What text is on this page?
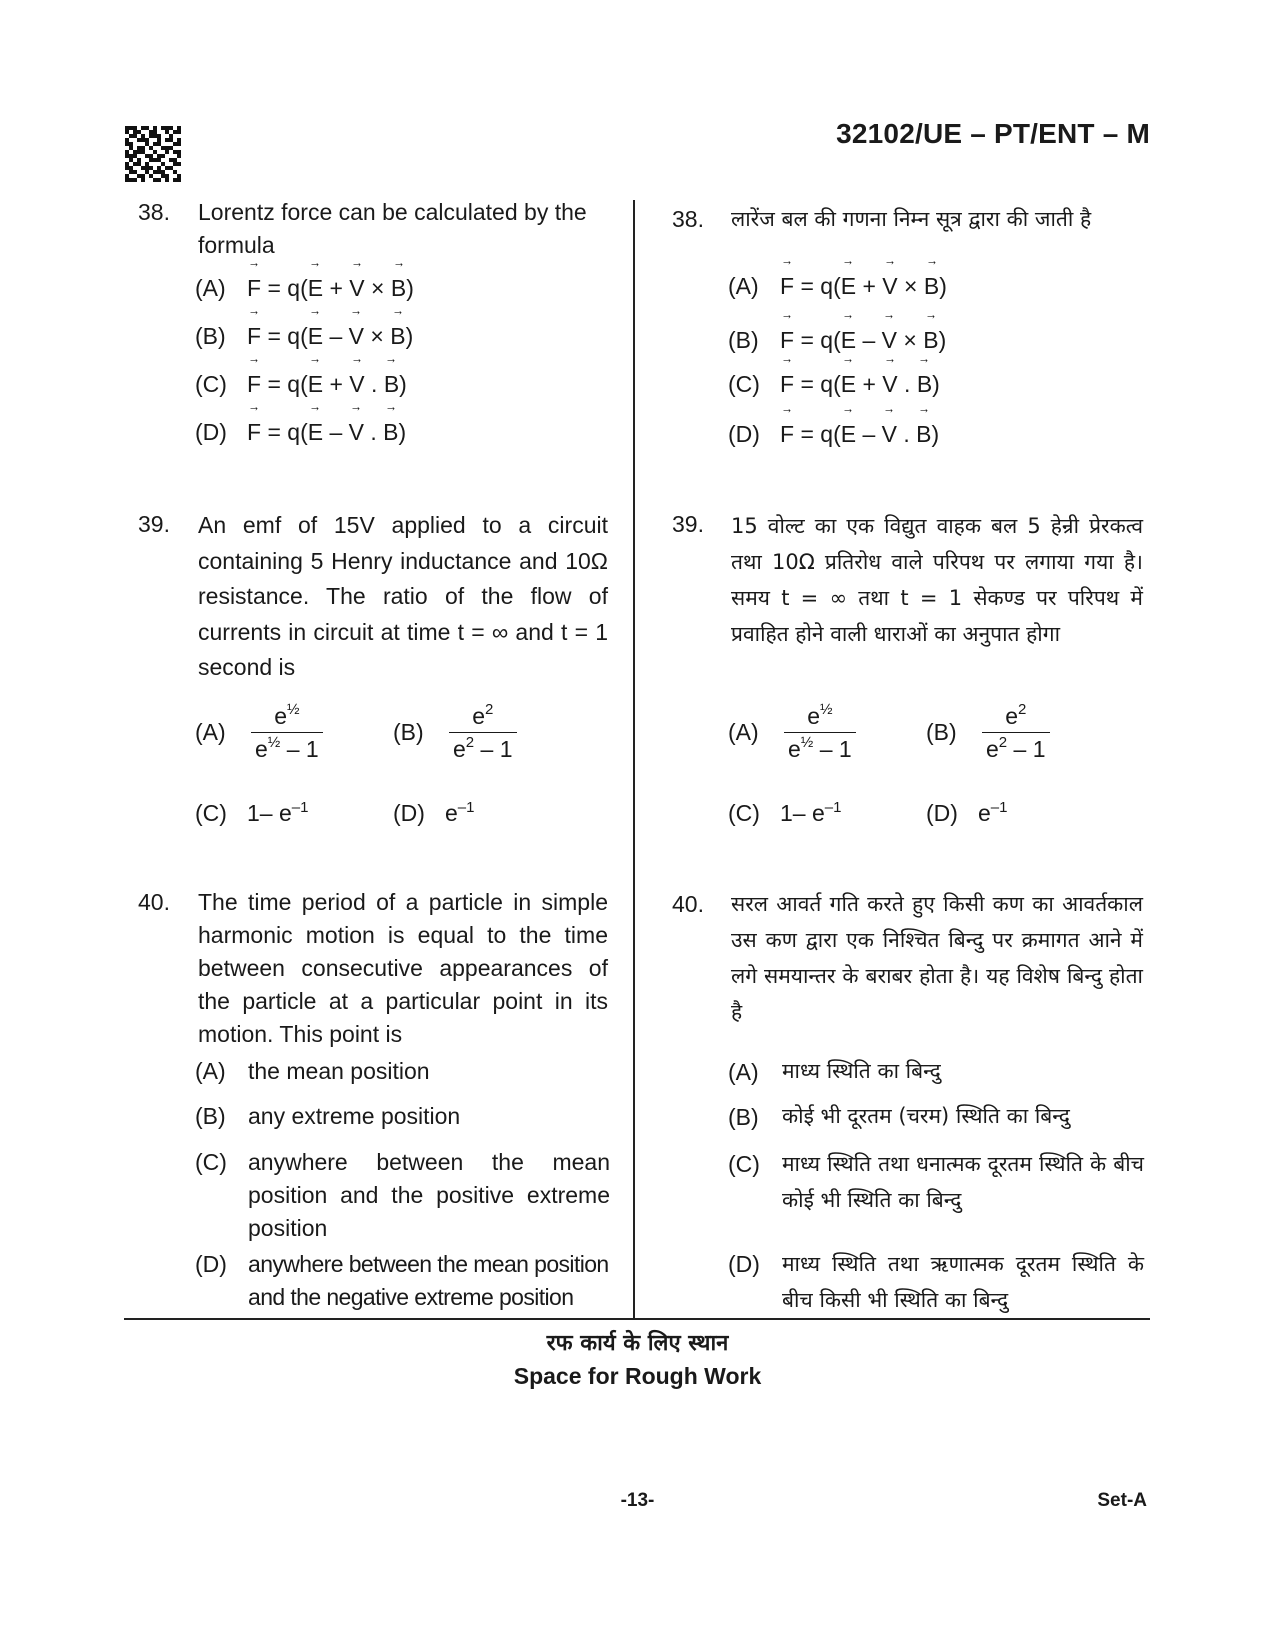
32102/UE – PT/ENT – M
38.	Lorentz force can be calculated by the formula
(A) → F = q(→ E + → V × → B)
(B) → F = q(→ E – → V × → B)
(C) → F = q(→ E + → V . → B)
(D) → F = q(→ E – → V . → B)
39.	An emf of 15V applied to a circuit containing 5 Henry inductance and 10Ω resistance. The ratio of the flow of currents in circuit at time t = ∞ and t = 1 second is
$(A) \frac{e^{\frac{1}{2}}}{e^{\frac{1}{2}} - 1}$	$(B) \frac{e^2}{e^2 - 1}$
(C) 1– $e^{-1}$	(D) $e^{-1}$
40.	The time period of a particle in simple harmonic motion is equal to the time between consecutive appearances of the particle at a particular point in its motion. This point is
(A) the mean position
(B) any extreme position
(C) anywhere between the mean position and the positive extreme position
(D) anywhere between the mean position and the negative extreme position
38.	लारेंज बल की गणना निम्न सूत्र द्वारा की जाती है
(A) → F = q(→ E + → V × → B)
(B) → F = q(→ E – → V × → B)
(C) → F = q(→ E + → V . → B)
(D) → F = q(→ E – → V . → B)
39.	15 वोल्ट का एक विद्युत वाहक बल 5 हेन्री प्रेरकत्व तथा 10Ω प्रतिरोध वाले परिपथ पर लगाया गया है। समय t = ∞ तथा t = 1 सेकण्ड पर परिपथ में प्रवाहित होने वाली धाराओं का अनुपात होगा
$(A) \frac{e^{\frac{1}{2}}}{e^{\frac{1}{2}} - 1}$	$(B) \frac{e^2}{e^2 - 1}$
(C) 1– $e^{-1}$	(D) $e^{-1}$
40.	सरल आवर्त गति करते हुए किसी कण का आवर्तकाल उस कण द्वारा एक निश्चित बिन्दु पर क्रमागत आने में लगे समयान्तर के बराबर होता है। यह विशेष बिन्दु होता है
(A) माध्य स्थिति का बिन्दु
(B) कोई भी दूरतम (चरम) स्थिति का बिन्दु
(C) माध्य स्थिति तथा धनात्मक दूरतम स्थिति के बीच कोई भी स्थिति का बिन्दु
(D) माध्य स्थिति तथा ऋणात्मक दूरतम स्थिति के बीच किसी भी स्थिति का बिन्दु
रफ कार्य के लिए स्थान
Space for Rough Work
-13-	Set-A
